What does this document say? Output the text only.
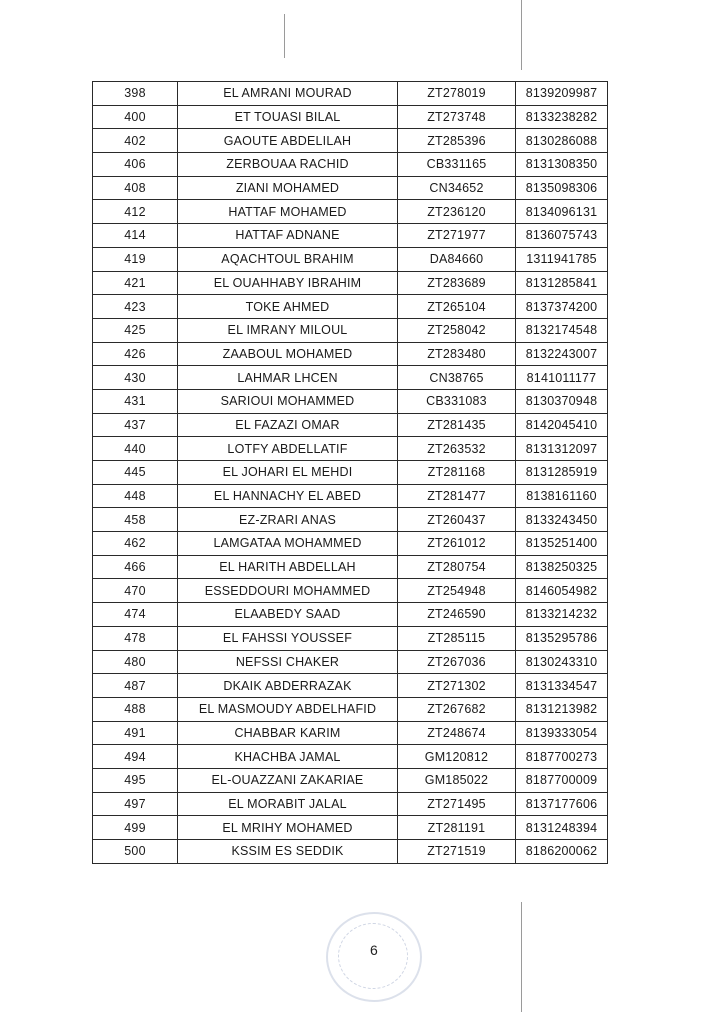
398	EL AMRANI MOURAD	ZT278019	8139209987
400	ET TOUASI BILAL	ZT273748	8133238282
402	GAOUTE ABDELILAH	ZT285396	8130286088
406	ZERBOUAA RACHID	CB331165	8131308350
408	ZIANI MOHAMED	CN34652	8135098306
412	HATTAF MOHAMED	ZT236120	8134096131
414	HATTAF ADNANE	ZT271977	8136075743
419	AQACHTOUL BRAHIM	DA84660	1311941785
421	EL OUAHHABY IBRAHIM	ZT283689	8131285841
423	TOKE AHMED	ZT265104	8137374200
425	EL IMRANY MILOUL	ZT258042	8132174548
426	ZAABOUL MOHAMED	ZT283480	8132243007
430	LAHMAR LHCEN	CN38765	8141011177
431	SARIOUI MOHAMMED	CB331083	8130370948
437	EL FAZAZI OMAR	ZT281435	8142045410
440	LOTFY ABDELLATIF	ZT263532	8131312097
445	EL JOHARI EL MEHDI	ZT281168	8131285919
448	EL HANNACHY EL ABED	ZT281477	8138161160
458	EZ-ZRARI ANAS	ZT260437	8133243450
462	LAMGATAA MOHAMMED	ZT261012	8135251400
466	EL HARITH ABDELLAH	ZT280754	8138250325
470	ESSEDDOURI MOHAMMED	ZT254948	8146054982
474	ELAABEDY SAAD	ZT246590	8133214232
478	EL FAHSSI YOUSSEF	ZT285115	8135295786
480	NEFSSI CHAKER	ZT267036	8130243310
487	DKAIK ABDERRAZAK	ZT271302	8131334547
488	EL MASMOUDY ABDELHAFID	ZT267682	8131213982
491	CHABBAR KARIM	ZT248674	8139333054
494	KHACHBA JAMAL	GM120812	8187700273
495	EL-OUAZZANI ZAKARIAE	GM185022	8187700009
497	EL MORABIT JALAL	ZT271495	8137177606
499	EL MRIHY MOHAMED	ZT281191	8131248394
500	KSSIM ES SEDDIK	ZT271519	8186200062
6
